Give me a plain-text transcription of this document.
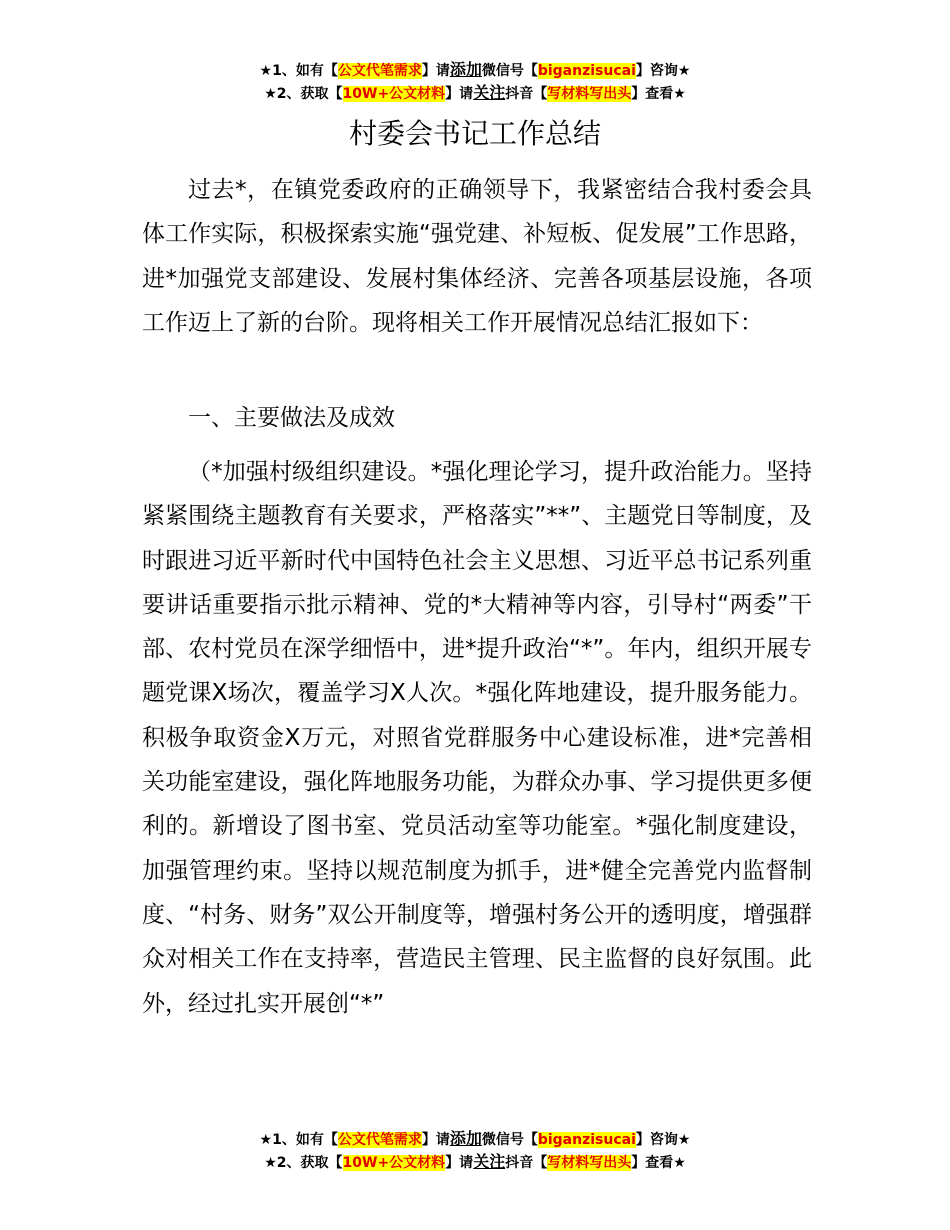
★1、如有【公文代笔需求】请添加微信号【biganzisucai】咨询★
★2、获取【10W+公文材料】请关注抖音【写材料写出头】查看★
村委会书记工作总结

过去*，在镇党委政府的正确领导下，我紧密结合我村委会具体工作实际，积极探索实施“强党建、补短板、促发展”工作思路，进*加强党支部建设、发展村集体经济、完善各项基层设施，各项工作迈上了新的台阶。现将相关工作开展情况总结汇报如下：

一、主要做法及成效

（*加强村级组织建设。*强化理论学习，提升政治能力。坚持紧紧围绕主题教育有关要求，严格落实”**”、主题党日等制度，及时跟进习近平新时代中国特色社会主义思想、习近平总书记系列重要讲话重要指示批示精神、党的*大精神等内容，引导村“两委”干部、农村党员在深学细悟中，进*提升政治“*”。年内，组织开展专题党课X场次，覆盖学习X人次。*强化阵地建设，提升服务能力。积极争取资金X万元，对照省党群服务中心建设标准，进*完善相关功能室建设，强化阵地服务功能，为群众办事、学习提供更多便利的。新增设了图书室、党员活动室等功能室。*强化制度建设，加强管理约束。坚持以规范制度为抓手，进*健全完善党内监督制度、“村务、财务”双公开制度等，增强村务公开的透明度，增强群众对相关工作在支持率，营造民主管理、民主监督的良好氛围。此外，经过扎实开展创“*”

★1、如有【公文代笔需求】请添加微信号【biganzisucai】咨询★
★2、获取【10W+公文材料】请关注抖音【写材料写出头】查看★
